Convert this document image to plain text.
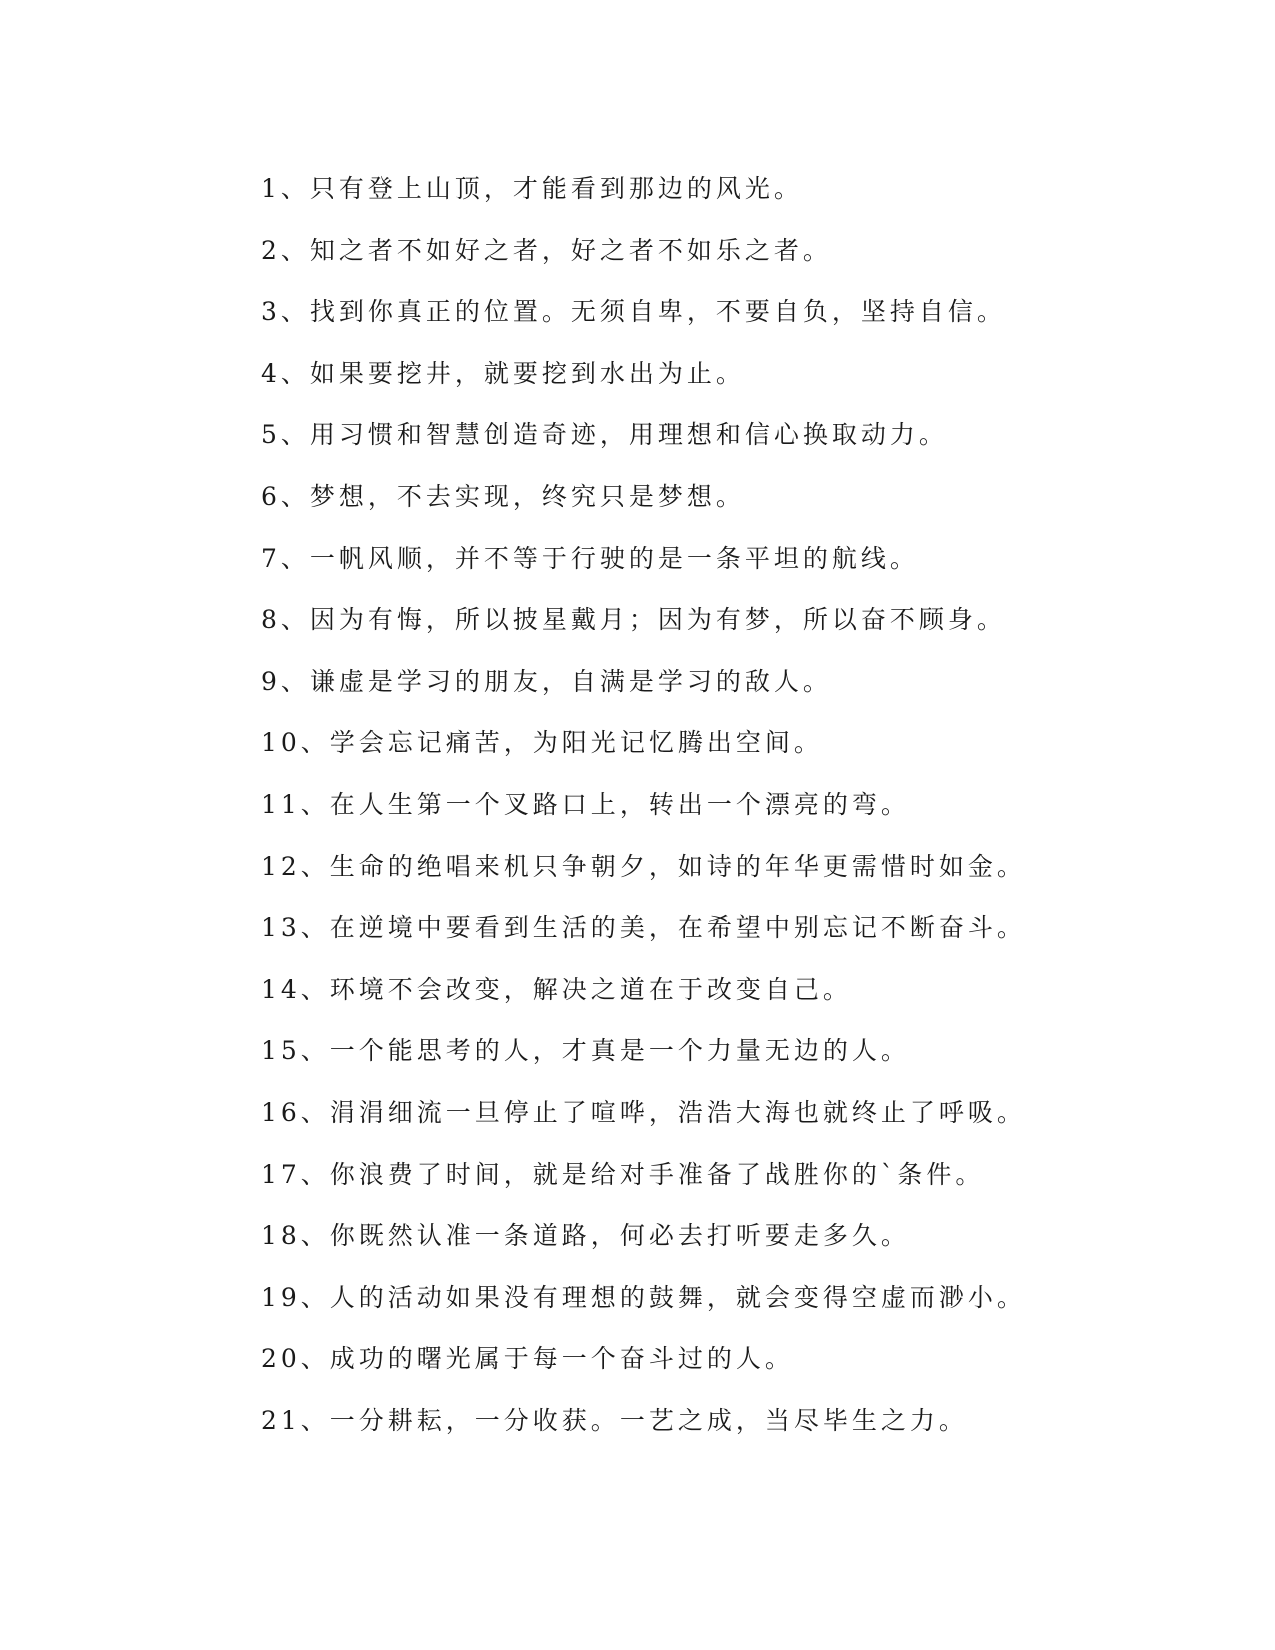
1、只有登上山顶，才能看到那边的风光。
2、知之者不如好之者，好之者不如乐之者。
3、找到你真正的位置。无须自卑，不要自负，坚持自信。
4、如果要挖井，就要挖到水出为止。
5、用习惯和智慧创造奇迹，用理想和信心换取动力。
6、梦想，不去实现，终究只是梦想。
7、一帆风顺，并不等于行驶的是一条平坦的航线。
8、因为有悔，所以披星戴月；因为有梦，所以奋不顾身。
9、谦虚是学习的朋友，自满是学习的敌人。
10、学会忘记痛苦，为阳光记忆腾出空间。
11、在人生第一个叉路口上，转出一个漂亮的弯。
12、生命的绝唱来机只争朝夕，如诗的年华更需惜时如金。
13、在逆境中要看到生活的美，在希望中别忘记不断奋斗。
14、环境不会改变，解决之道在于改变自己。
15、一个能思考的人，才真是一个力量无边的人。
16、涓涓细流一旦停止了喧哗，浩浩大海也就终止了呼吸。
17、你浪费了时间，就是给对手准备了战胜你的`条件。
18、你既然认准一条道路，何必去打听要走多久。
19、人的活动如果没有理想的鼓舞，就会变得空虚而渺小。
20、成功的曙光属于每一个奋斗过的人。
21、一分耕耘，一分收获。一艺之成，当尽毕生之力。
